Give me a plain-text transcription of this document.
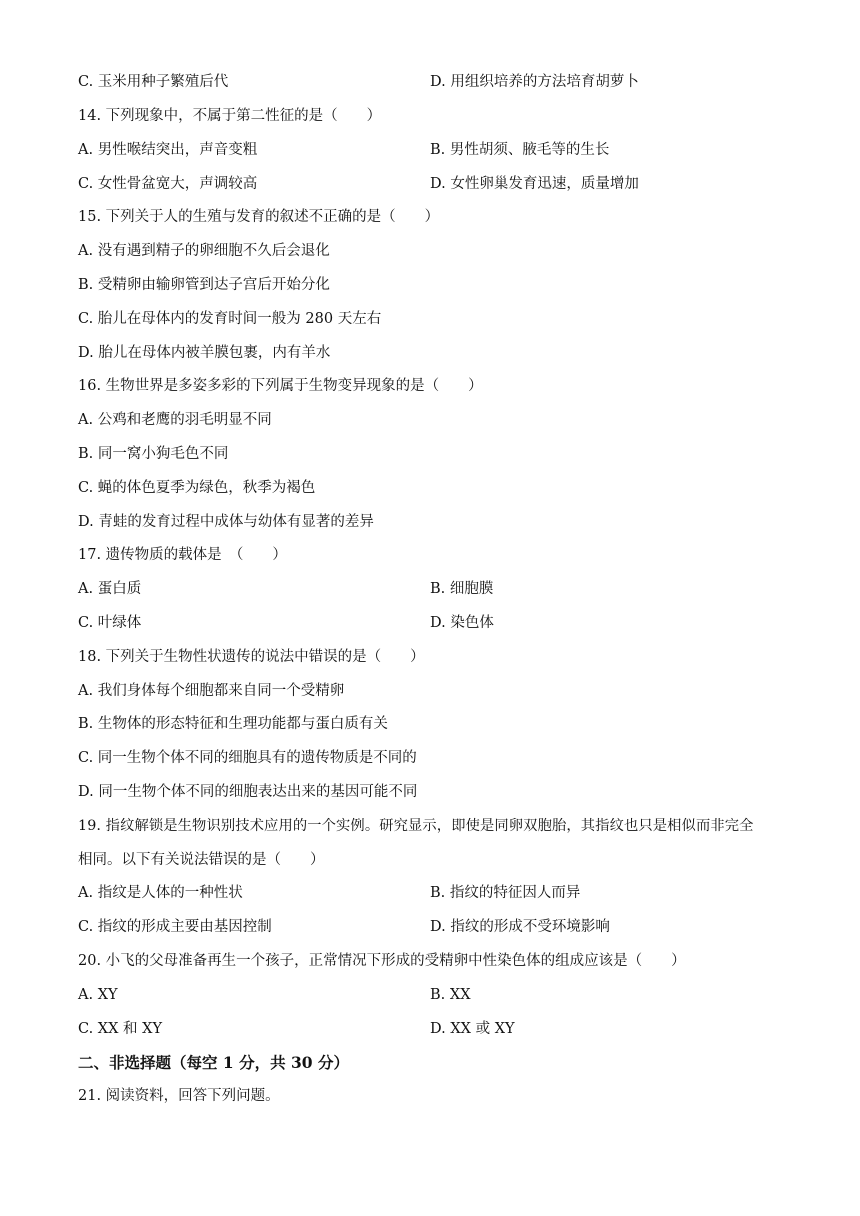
C. 玉米用种子繁殖后代	D. 用组织培养的方法培育胡萝卜
14. 下列现象中，不属于第二性征的是（　　）
A. 男性喉结突出，声音变粗	B. 男性胡须、腋毛等的生长
C. 女性骨盆宽大，声调较高	D. 女性卵巢发育迅速，质量增加
15. 下列关于人的生殖与发育的叙述不正确的是（　　）
A. 没有遇到精子的卵细胞不久后会退化
B. 受精卵由输卵管到达子宫后开始分化
C. 胎儿在母体内的发育时间一般为 280 天左右
D. 胎儿在母体内被羊膜包裹，内有羊水
16. 生物世界是多姿多彩的下列属于生物变异现象的是（　　）
A. 公鸡和老鹰的羽毛明显不同
B. 同一窝小狗毛色不同
C. 蝇的体色夏季为绿色，秋季为褐色
D. 青蛙的发育过程中成体与幼体有显著的差异
17. 遗传物质的载体是　（　　）
A. 蛋白质	B. 细胞膜
C. 叶绿体	D. 染色体
18. 下列关于生物性状遗传的说法中错误的是（　　）
A. 我们身体每个细胞都来自同一个受精卵
B. 生物体的形态特征和生理功能都与蛋白质有关
C. 同一生物个体不同的细胞具有的遗传物质是不同的
D. 同一生物个体不同的细胞表达出来的基因可能不同
19. 指纹解锁是生物识别技术应用的一个实例。研究显示，即使是同卵双胞胎，其指纹也只是相似而非完全
相同。以下有关说法错误的是（　　）
A. 指纹是人体的一种性状	B. 指纹的特征因人而异
C. 指纹的形成主要由基因控制	D. 指纹的形成不受环境影响
20. 小飞的父母准备再生一个孩子，正常情况下形成的受精卵中性染色体的组成应该是（　　）
A. XY	B. XX
C. XX 和 XY	D. XX 或 XY
二、非选择题（每空 1 分，共 30 分）
21. 阅读资料，回答下列问题。
